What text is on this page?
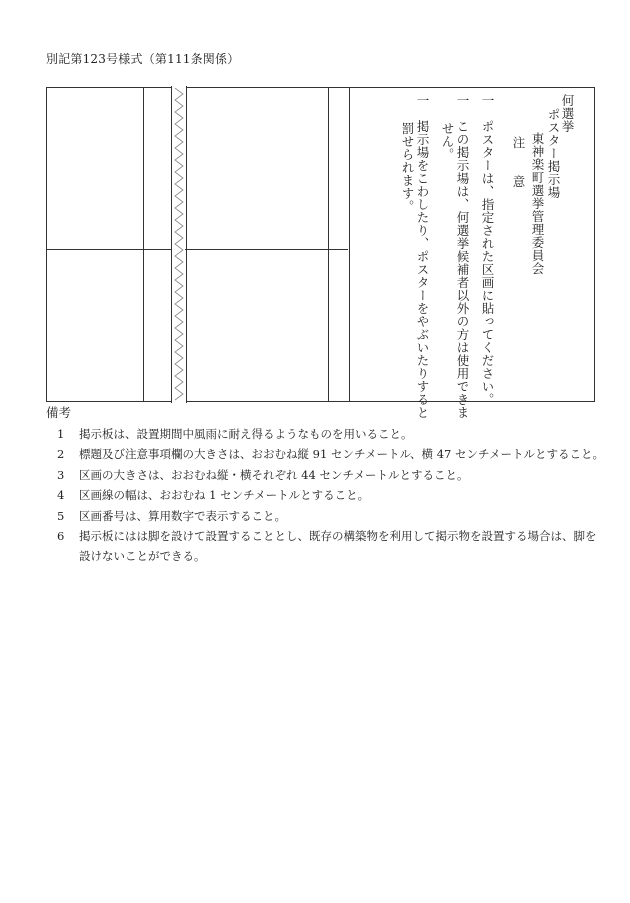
別記第123号様式（第111条関係）
何選挙
ポスター掲示場
東神楽町選挙管理委員会
注　　意
一　ポスターは、指定された区画に貼ってください。
一　この掲示場は、何選挙候補者以外の方は使用できま
せん。
一　掲示場をこわしたり、ポスターをやぶいたりすると
罰せられます。
備考
1	掲示板は、設置期間中風雨に耐え得るようなものを用いること。
2	標題及び注意事項欄の大きさは、おおむね縦 91 センチメートル、横 47 センチメートルとすること。
3	区画の大きさは、おおむね縦・横それぞれ 44 センチメートルとすること。
4	区画線の幅は、おおむね 1 センチメートルとすること。
5	区画番号は、算用数字で表示すること。
6	掲示板にはは脚を設けて設置することとし、既存の構築物を利用して掲示物を設置する場合は、脚を設けないことができる。
